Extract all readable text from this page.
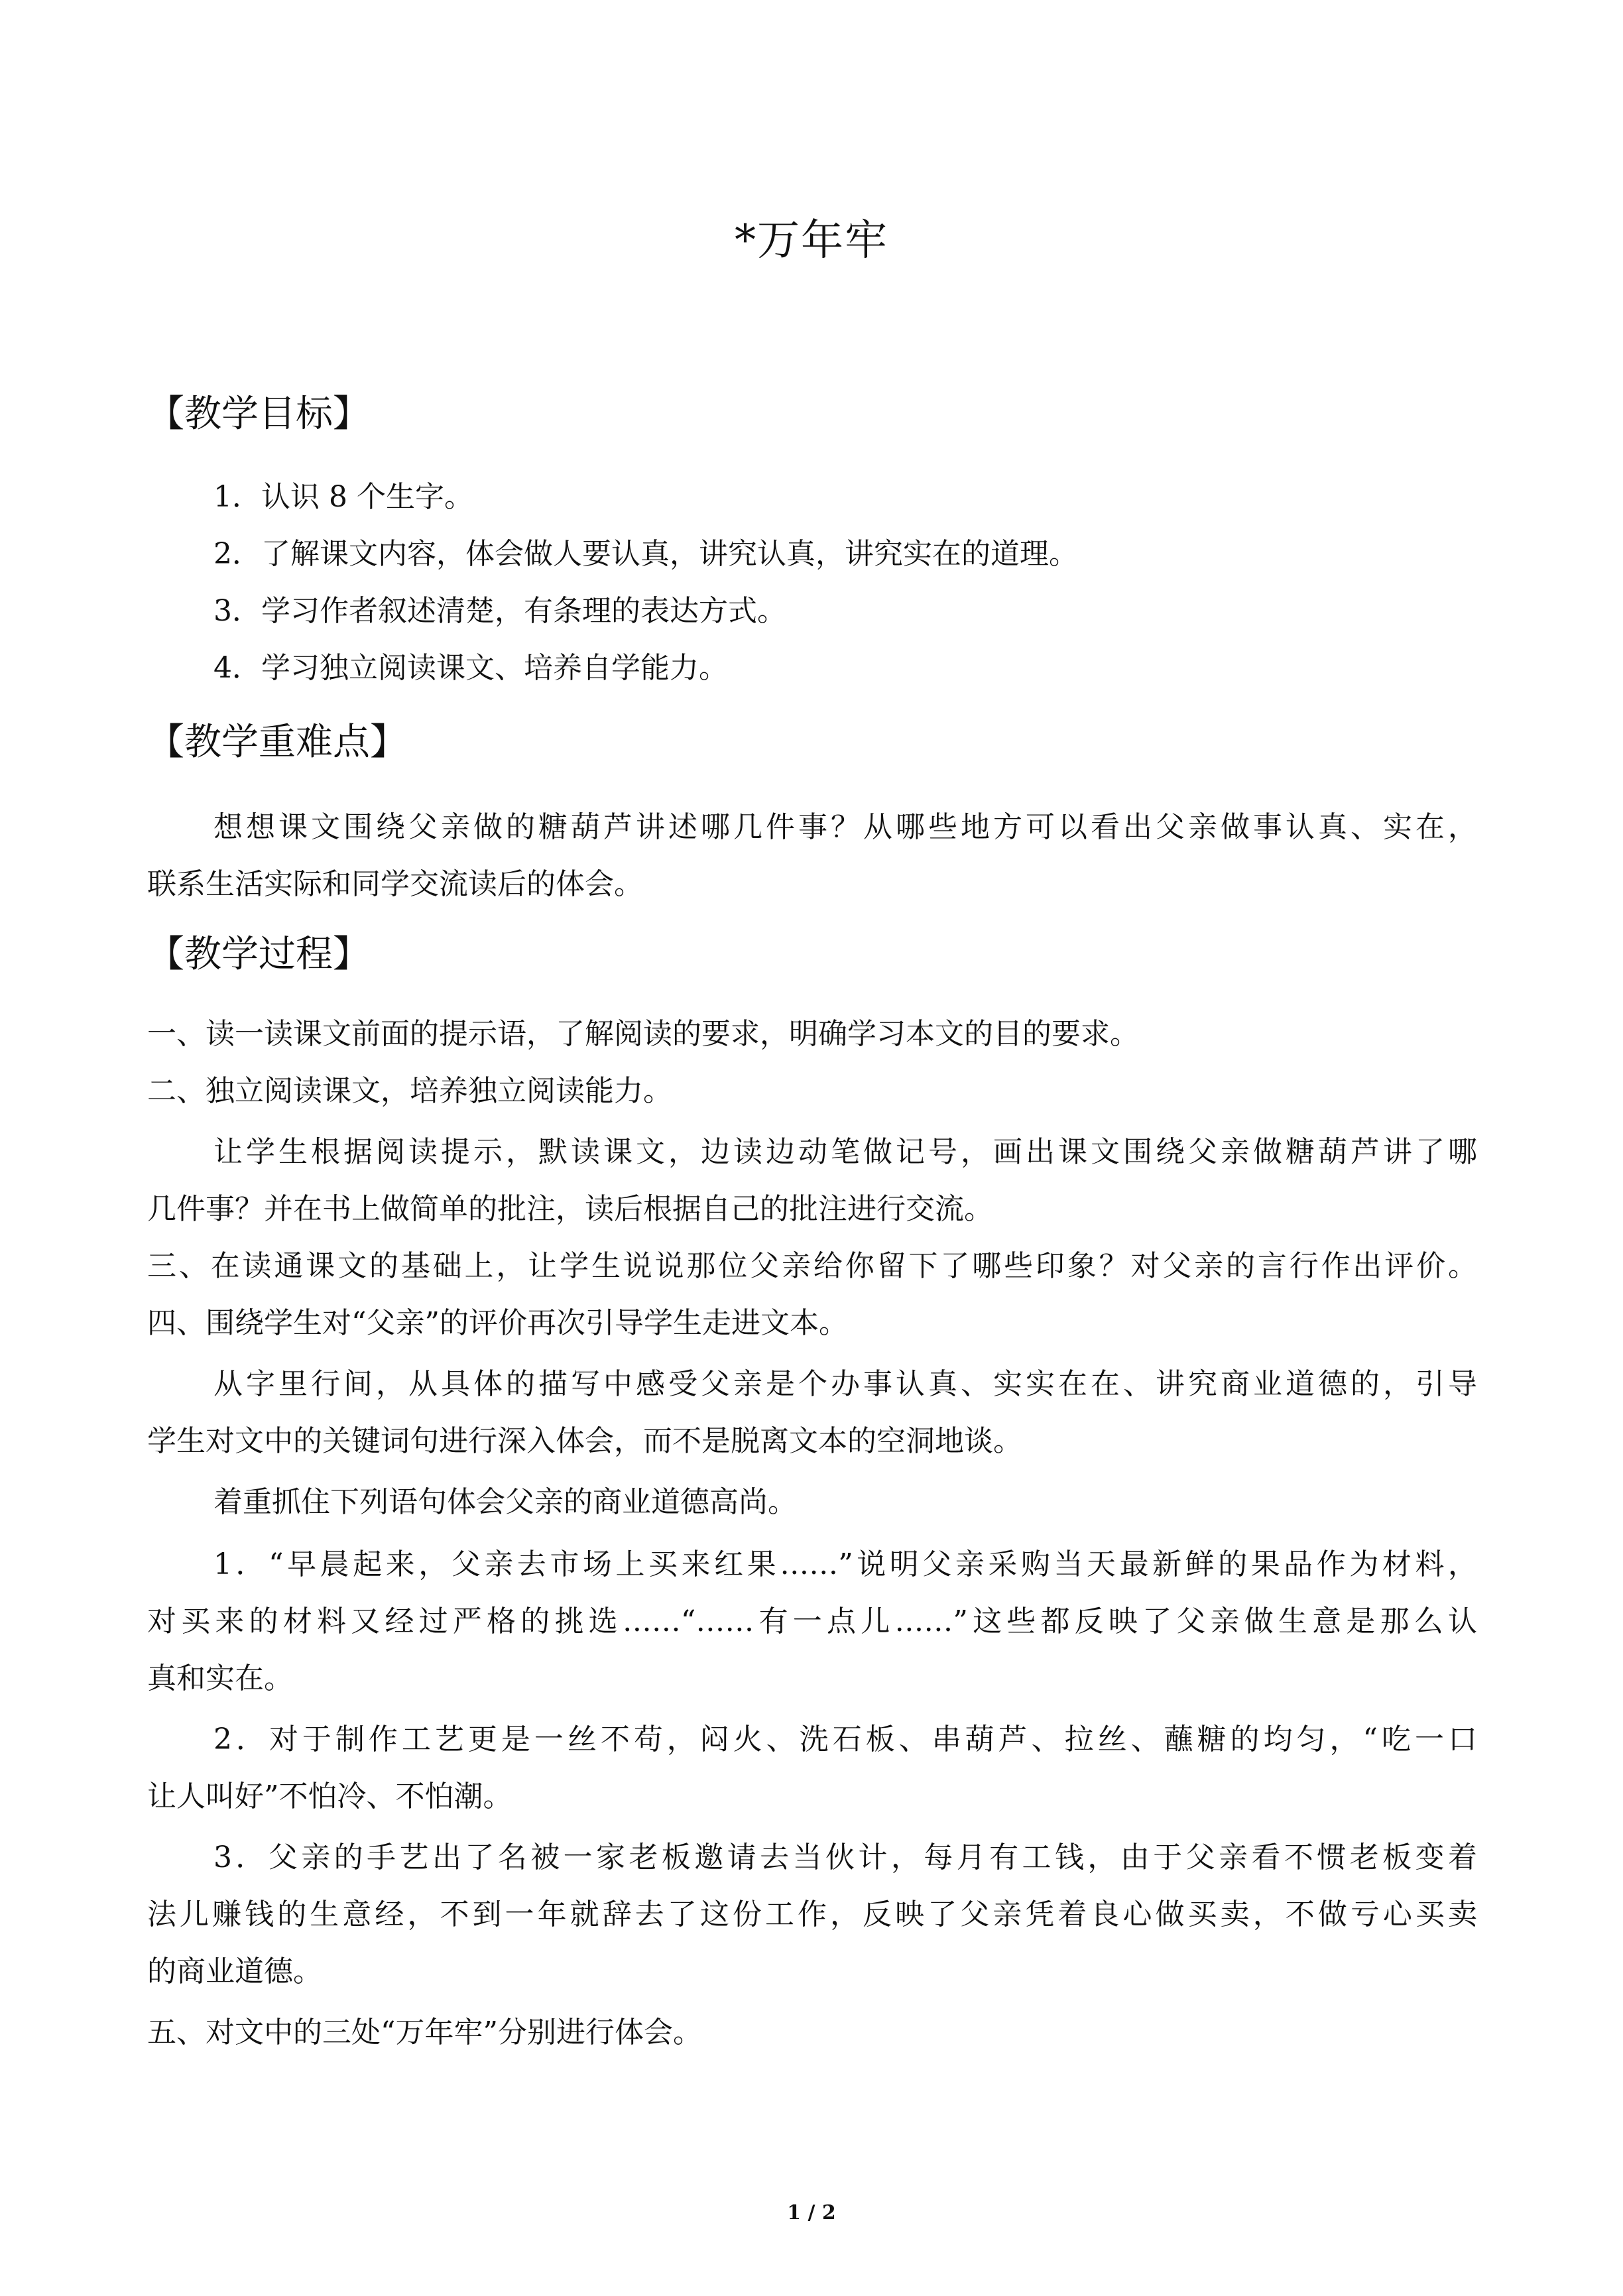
*万年牢
【教学目标】
1．认识 8 个生字。
2．了解课文内容，体会做人要认真，讲究认真，讲究实在的道理。
3．学习作者叙述清楚，有条理的表达方式。
4．学习独立阅读课文、培养自学能力。
【教学重难点】
想想课文围绕父亲做的糖葫芦讲述哪几件事？从哪些地方可以看出父亲做事认真、实在，
联系生活实际和同学交流读后的体会。
【教学过程】
一、读一读课文前面的提示语，了解阅读的要求，明确学习本文的目的要求。
二、独立阅读课文，培养独立阅读能力。
让学生根据阅读提示，默读课文，边读边动笔做记号，画出课文围绕父亲做糖葫芦讲了哪
几件事？并在书上做简单的批注，读后根据自己的批注进行交流。
三、在读通课文的基础上，让学生说说那位父亲给你留下了哪些印象？对父亲的言行作出评价。
四、围绕学生对“父亲”的评价再次引导学生走进文本。
从字里行间，从具体的描写中感受父亲是个办事认真、实实在在、讲究商业道德的，引导
学生对文中的关键词句进行深入体会，而不是脱离文本的空洞地谈。
着重抓住下列语句体会父亲的商业道德高尚。
1．“早晨起来，父亲去市场上买来红果……”说明父亲采购当天最新鲜的果品作为材料，
对买来的材料又经过严格的挑选……“……有一点儿……”这些都反映了父亲做生意是那么认
真和实在。
2．对于制作工艺更是一丝不苟，闷火、洗石板、串葫芦、拉丝、蘸糖的均匀，“吃一口
让人叫好”不怕冷、不怕潮。
3．父亲的手艺出了名被一家老板邀请去当伙计，每月有工钱，由于父亲看不惯老板变着
法儿赚钱的生意经，不到一年就辞去了这份工作，反映了父亲凭着良心做买卖，不做亏心买卖
的商业道德。
五、对文中的三处“万年牢”分别进行体会。
1 / 2
